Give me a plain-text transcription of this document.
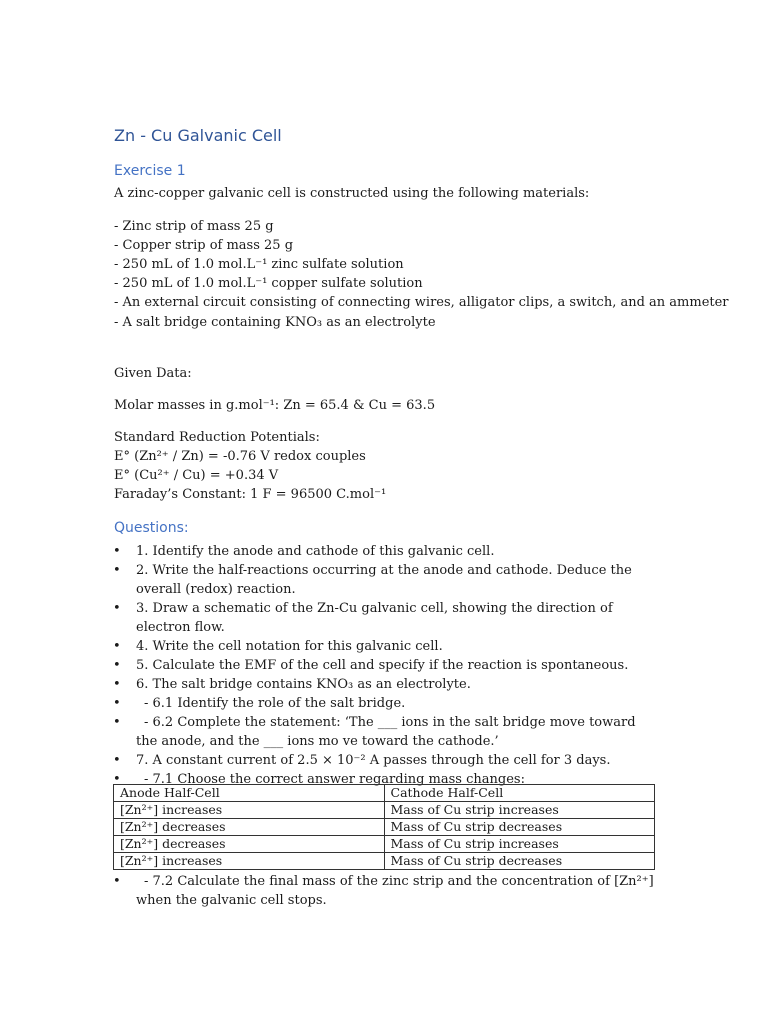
Zn - Cu Galvanic Cell
Exercise 1
A zinc-copper galvanic cell is constructed using the following materials:
- Zinc strip of mass 25 g
- Copper strip of mass 25 g
- 250 mL of 1.0 mol.L⁻¹ zinc sulfate solution
- 250 mL of 1.0 mol.L⁻¹ copper sulfate solution
- An external circuit consisting of connecting wires, alligator clips, a switch, and an ammeter
- A salt bridge containing KNO₃ as an electrolyte
Given Data:
Molar masses in g.mol⁻¹: Zn = 65.4 & Cu = 63.5
Standard Reduction Potentials:
E° (Zn²⁺ / Zn) = -0.76 V redox couples
E° (Cu²⁺ / Cu) = +0.34 V
Faraday’s Constant: 1 F = 96500 C.mol⁻¹
Questions:
• 1. Identify the anode and cathode of this galvanic cell.
• 2. Write the half-reactions occurring at the anode and cathode. Deduce the overall (redox) reaction.
• 3. Draw a schematic of the Zn-Cu galvanic cell, showing the direction of electron flow.
• 4. Write the cell notation for this galvanic cell.
• 5. Calculate the EMF of the cell and specify if the reaction is spontaneous.
• 6. The salt bridge contains KNO₃ as an electrolyte.
• - 6.1 Identify the role of the salt bridge.
• - 6.2 Complete the statement: ‘The ___ ions in the salt bridge move toward the anode, and the ___ ions mo ve toward the cathode.’
• 7. A constant current of 2.5 × 10⁻² A passes through the cell for 3 days.
• - 7.1 Choose the correct answer regarding mass changes:
Anode Half-Cell	Cathode Half-Cell
[Zn²⁺] increases	Mass of Cu strip increases
[Zn²⁺] decreases	Mass of Cu strip decreases
[Zn²⁺] decreases	Mass of Cu strip increases
[Zn²⁺] increases	Mass of Cu strip decreases
• - 7.2 Calculate the final mass of the zinc strip and the concentration of [Zn²⁺] when the galvanic cell stops.
